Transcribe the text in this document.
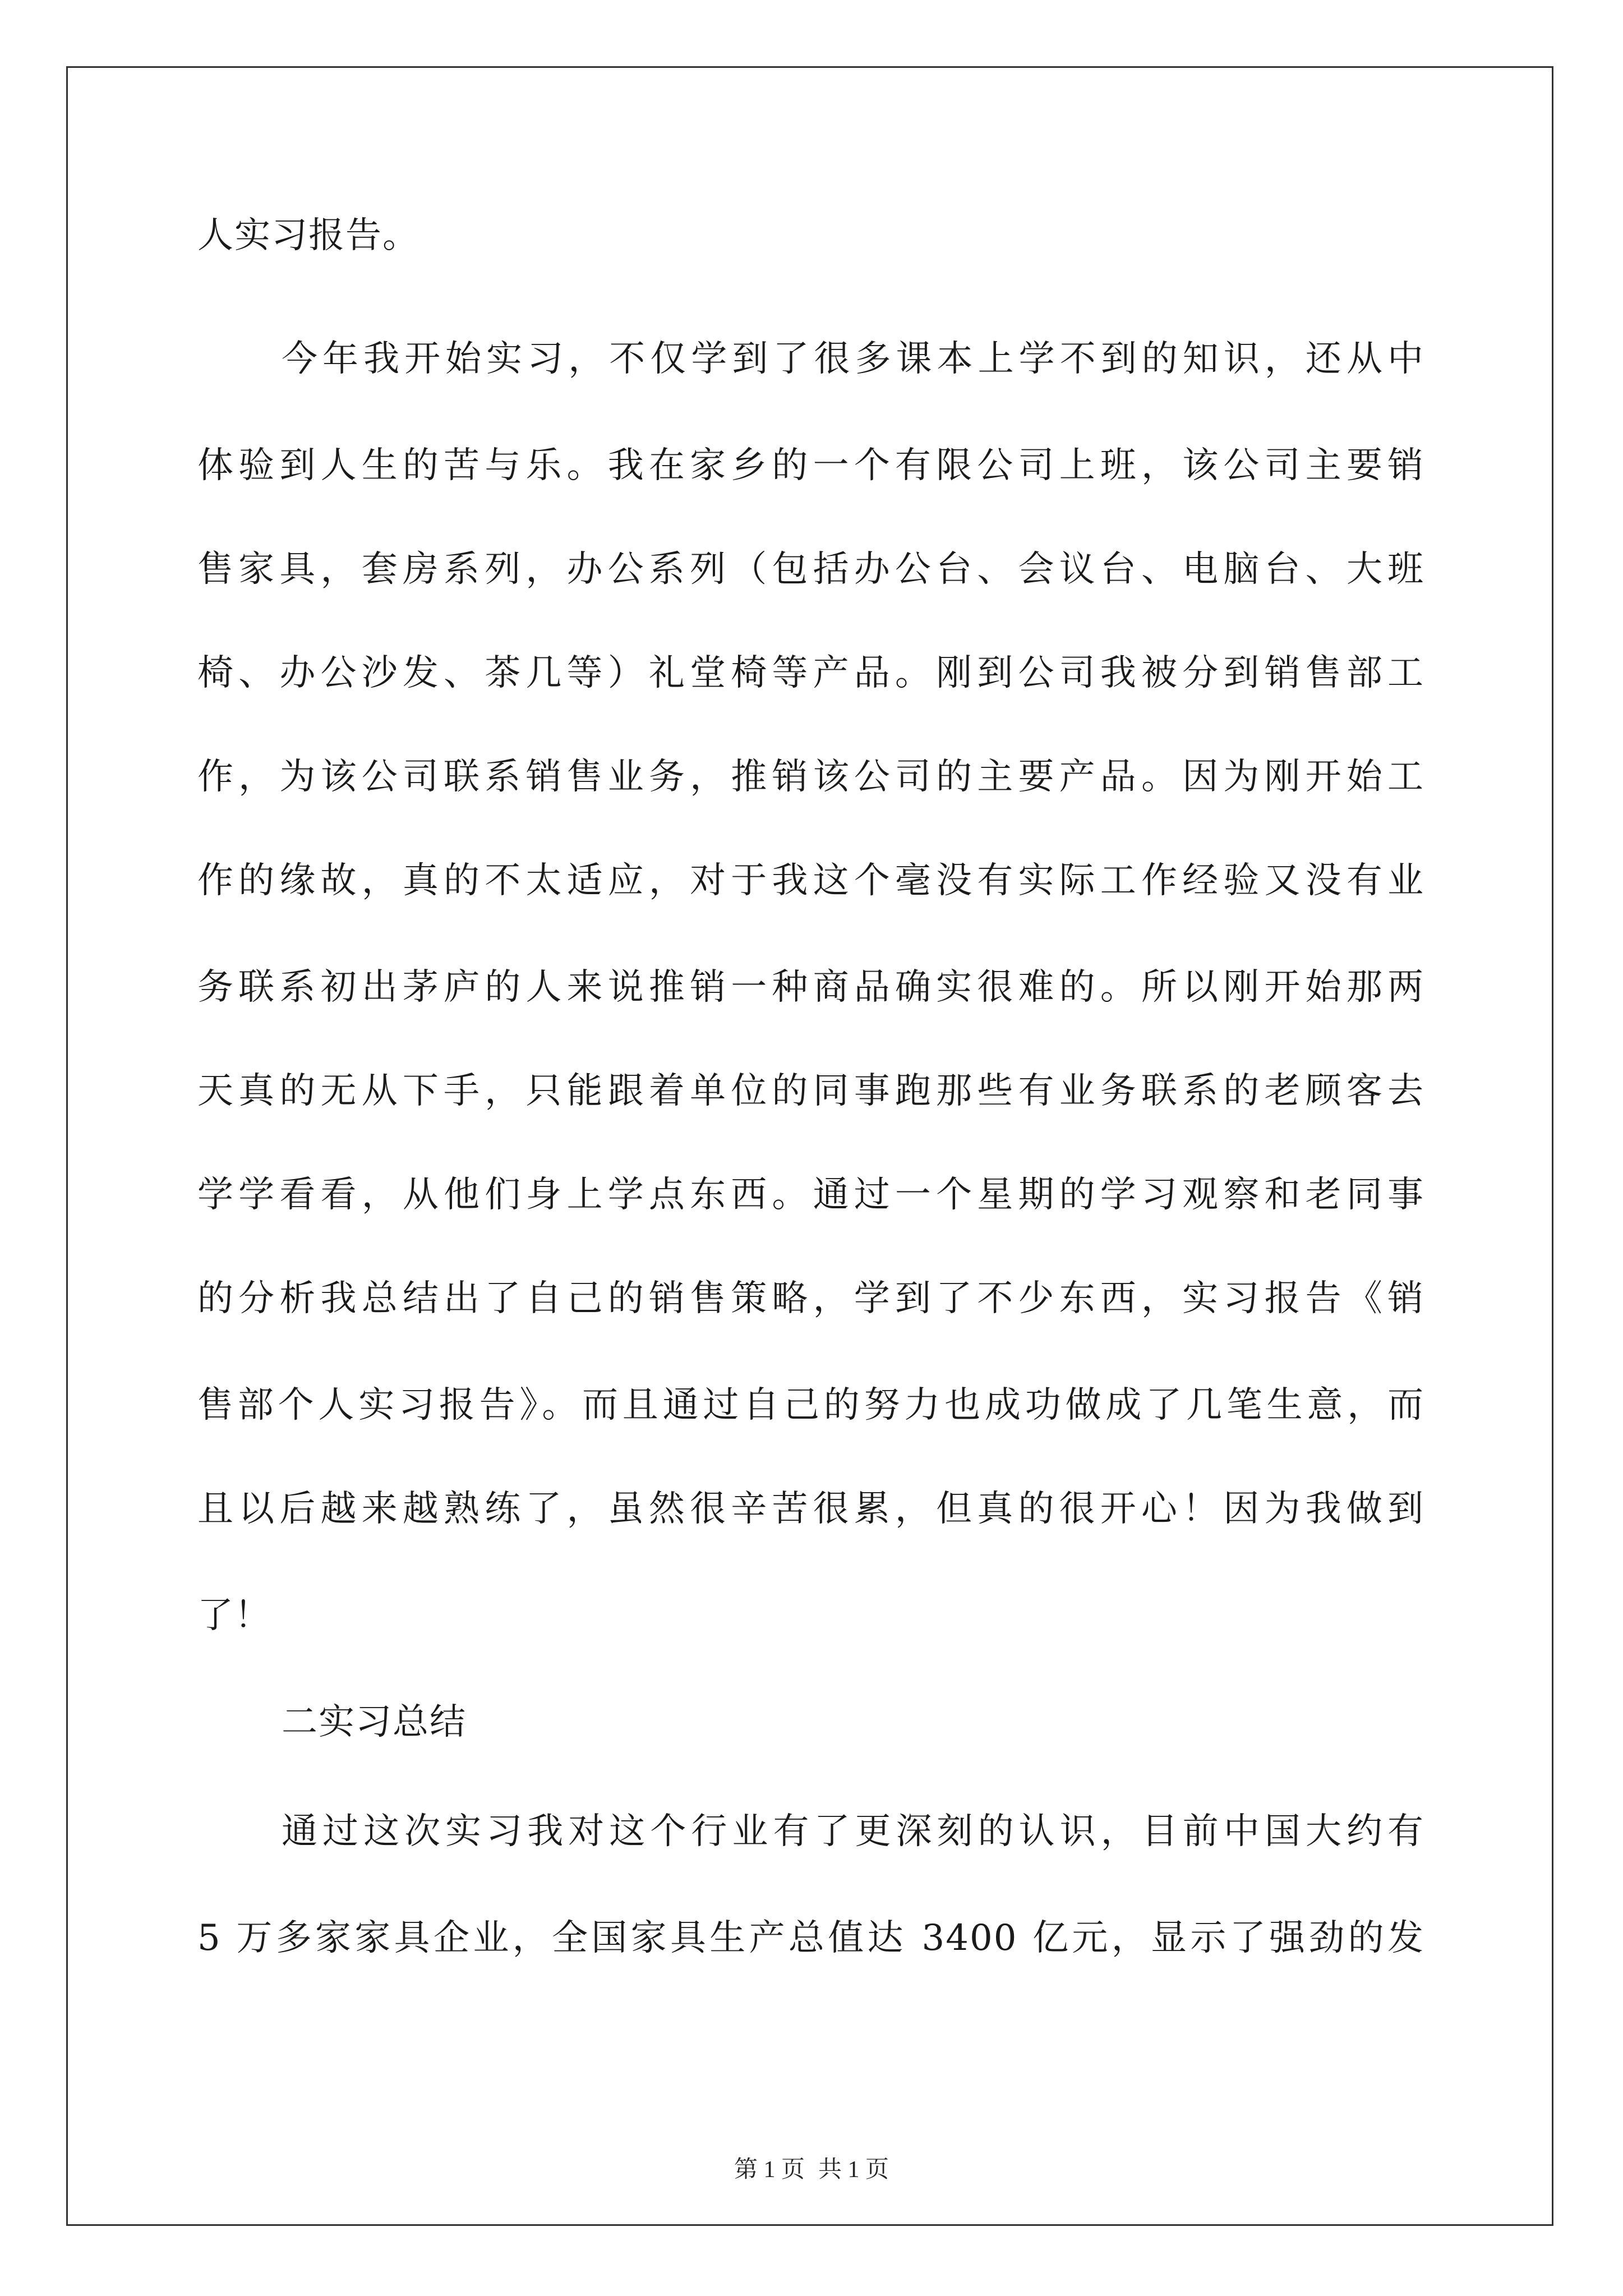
人实习报告。
今年我开始实习，不仅学到了很多课本上学不到的知识，还从中
体验到人生的苦与乐。我在家乡的一个有限公司上班，该公司主要销
售家具，套房系列，办公系列（包括办公台、会议台、电脑台、大班
椅、办公沙发、茶几等）礼堂椅等产品。刚到公司我被分到销售部工
作，为该公司联系销售业务，推销该公司的主要产品。因为刚开始工
作的缘故，真的不太适应，对于我这个毫没有实际工作经验又没有业
务联系初出茅庐的人来说推销一种商品确实很难的。所以刚开始那两
天真的无从下手，只能跟着单位的同事跑那些有业务联系的老顾客去
学学看看，从他们身上学点东西。通过一个星期的学习观察和老同事
的分析我总结出了自己的销售策略，学到了不少东西，实习报告《销
售部个人实习报告》。而且通过自己的努力也成功做成了几笔生意，而
且以后越来越熟练了，虽然很辛苦很累，但真的很开心！因为我做到
了！
二实习总结
通过这次实习我对这个行业有了更深刻的认识，目前中国大约有
5 万多家家具企业，全国家具生产总值达 3400 亿元，显示了强劲的发
第 1 页 共 1 页
